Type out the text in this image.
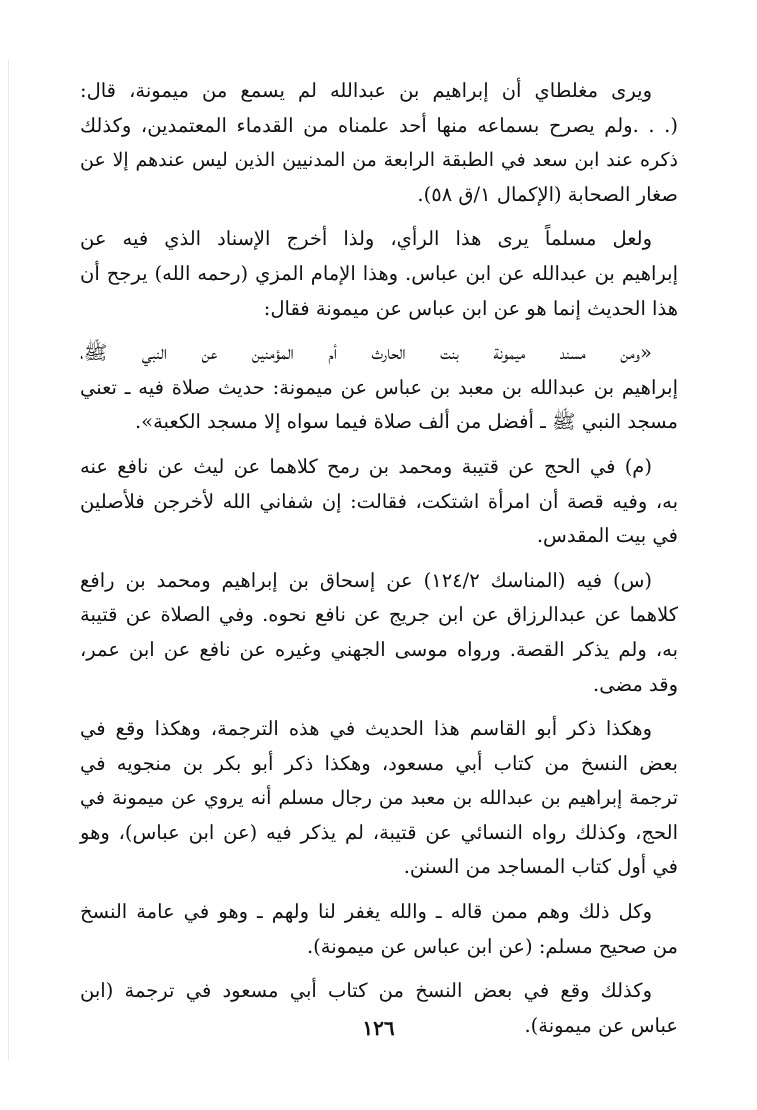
ويرى مغلطاي أن إبراهيم بن عبدالله لم يسمع من ميمونة، قال:
(. . .ولم يصرح بسماعه منها أحد علمناه من القدماء المعتمدين، وكذلك
ذكره عند ابن سعد في الطبقة الرابعة من المدنيين الذين ليس عندهم إلا عن
صغار الصحابة (الإكمال ١/ق ٥٨).

ولعل مسلماً يرى هذا الرأي، ولذا أخرج الإسناد الذي فيه عن
إبراهيم بن عبدالله عن ابن عباس. وهذا الإمام المزي (رحمه الله) يرجح أن
هذا الحديث إنما هو عن ابن عباس عن ميمونة فقال:

«ومن مسند ميمونة بنت الحارث أم المؤمنين عن النبي ﷺ،
إبراهيم بن عبدالله بن معبد بن عباس عن ميمونة: حديث صلاة فيه ـ تعني
مسجد النبي ﷺ ـ أفضل من ألف صلاة فيما سواه إلا مسجد الكعبة».

(م) في الحج عن قتيبة ومحمد بن رمح كلاهما عن ليث عن نافع عنه
به، وفيه قصة أن امرأة اشتكت، فقالت: إن شفاني الله لأخرجن فلأصلين
في بيت المقدس.

(س) فيه (المناسك ١٢٤/٢) عن إسحاق بن إبراهيم ومحمد بن رافع
كلاهما عن عبدالرزاق عن ابن جريج عن نافع نحوه. وفي الصلاة عن قتيبة
به، ولم يذكر القصة. ورواه موسى الجهني وغيره عن نافع عن ابن عمر،
وقد مضى.

وهكذا ذكر أبو القاسم هذا الحديث في هذه الترجمة، وهكذا وقع في
بعض النسخ من كتاب أبي مسعود، وهكذا ذكر أبو بكر بن منجويه في
ترجمة إبراهيم بن عبدالله بن معبد من رجال مسلم أنه يروي عن ميمونة في
الحج، وكذلك رواه النسائي عن قتيبة، لم يذكر فيه (عن ابن عباس)، وهو
في أول كتاب المساجد من السنن.

وكل ذلك وهم ممن قاله ـ والله يغفر لنا ولهم ـ وهو في عامة النسخ
من صحيح مسلم: (عن ابن عباس عن ميمونة).

وكذلك وقع في بعض النسخ من كتاب أبي مسعود في ترجمة (ابن
عباس عن ميمونة).

١٢٦
